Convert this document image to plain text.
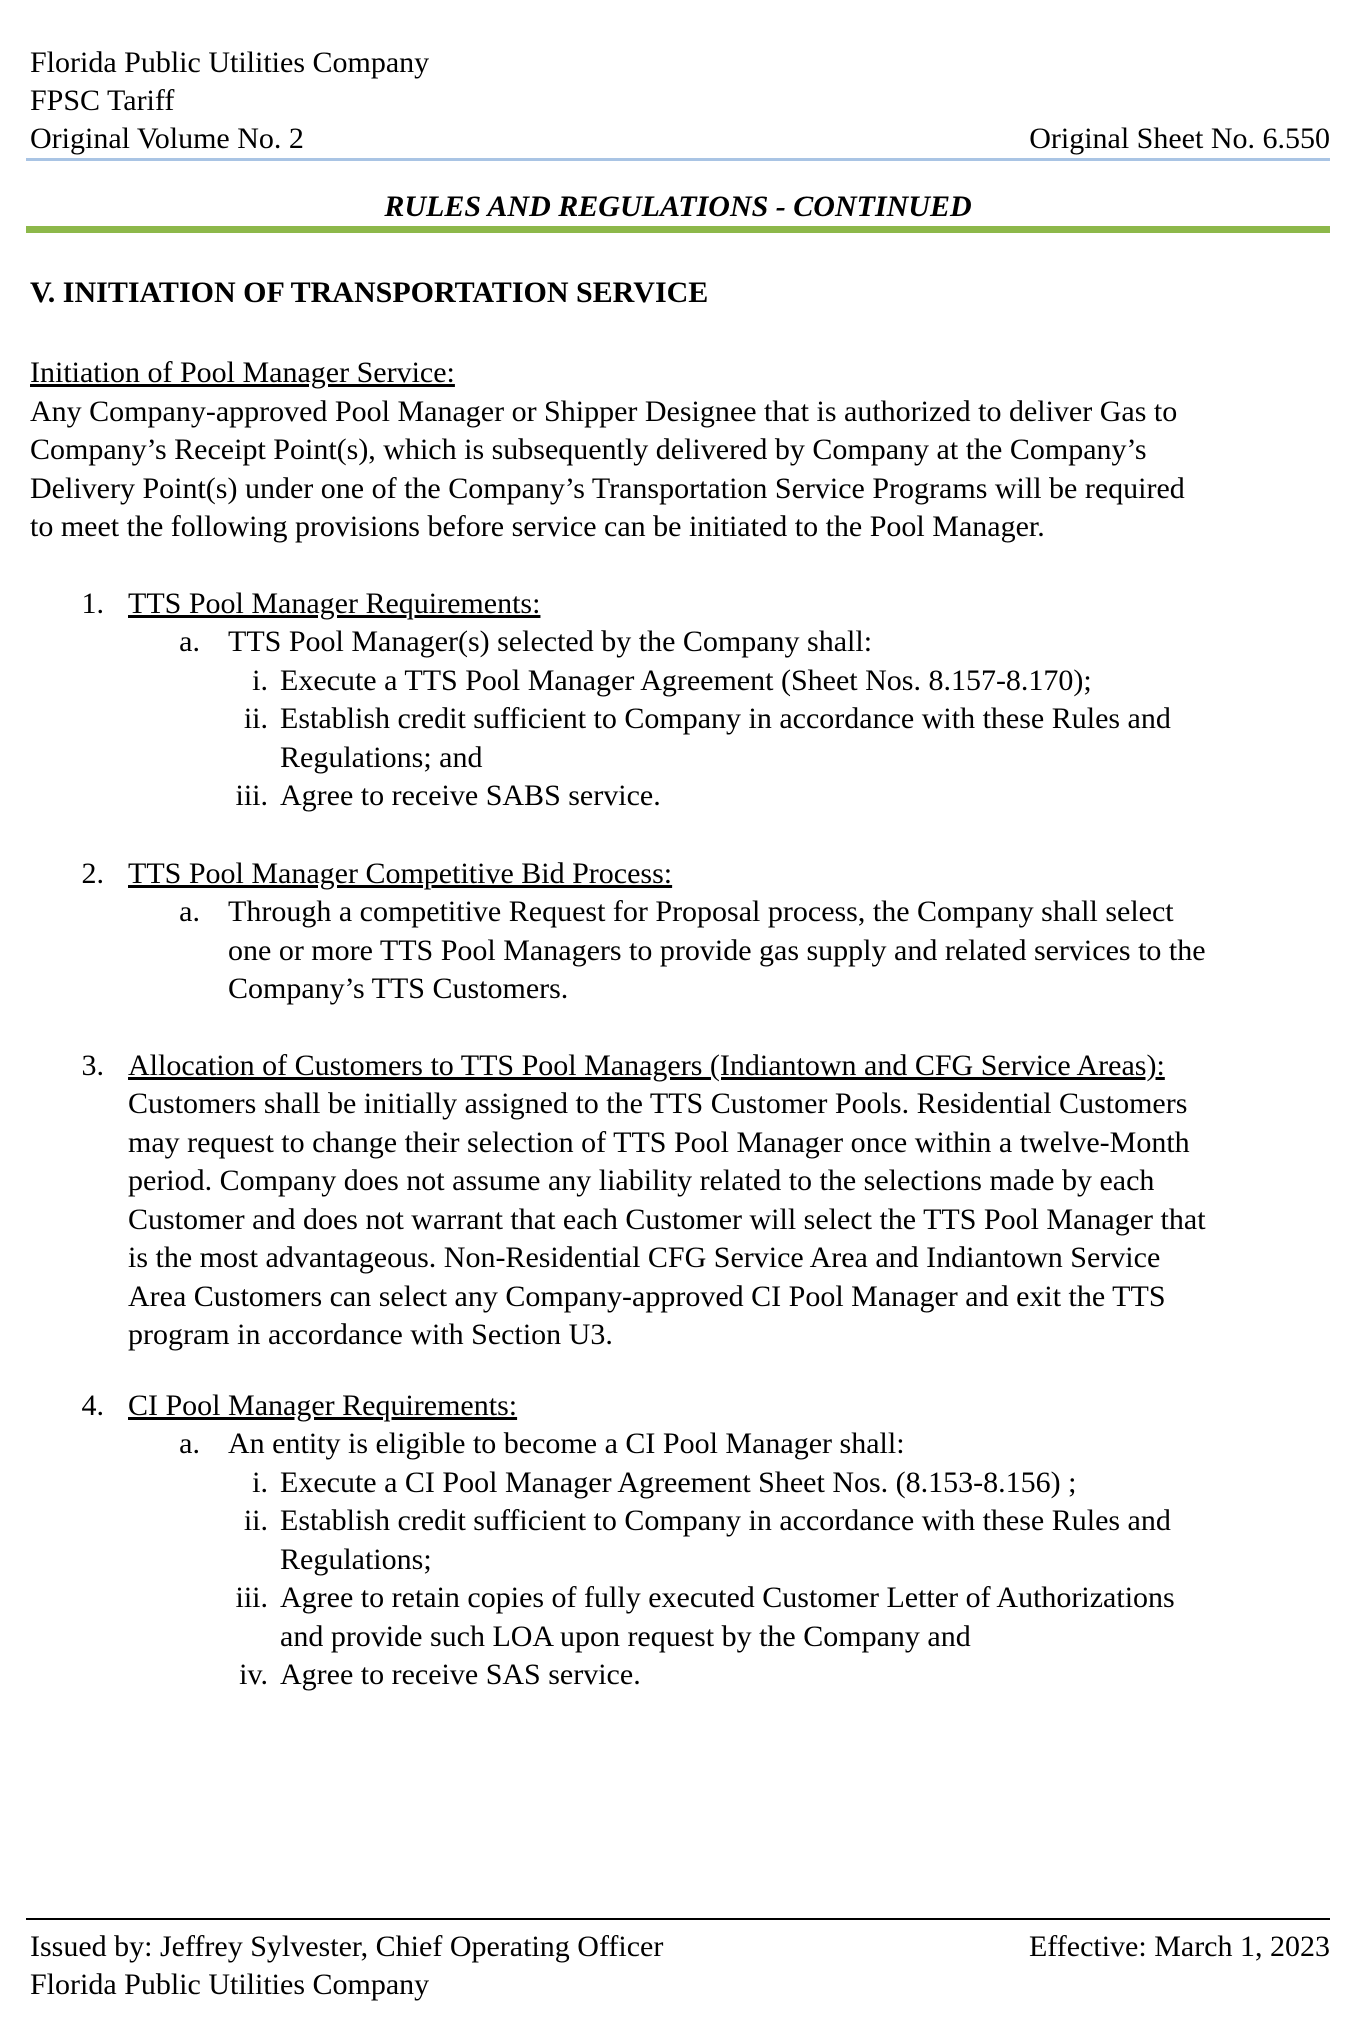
Florida Public Utilities Company
FPSC Tariff
Original Volume No. 2	Original Sheet No. 6.550
RULES AND REGULATIONS - CONTINUED
V. INITIATION OF TRANSPORTATION SERVICE
Initiation of Pool Manager Service:
Any Company-approved Pool Manager or Shipper Designee that is authorized to deliver Gas to
Company’s Receipt Point(s), which is subsequently delivered by Company at the Company’s
Delivery Point(s) under one of the Company’s Transportation Service Programs will be required
to meet the following provisions before service can be initiated to the Pool Manager.
1. TTS Pool Manager Requirements:
a. TTS Pool Manager(s) selected by the Company shall:
i. Execute a TTS Pool Manager Agreement (Sheet Nos. 8.157-8.170);
ii. Establish credit sufficient to Company in accordance with these Rules and
Regulations; and
iii. Agree to receive SABS service.
2. TTS Pool Manager Competitive Bid Process:
a. Through a competitive Request for Proposal process, the Company shall select
one or more TTS Pool Managers to provide gas supply and related services to the
Company’s TTS Customers.
3. Allocation of Customers to TTS Pool Managers (Indiantown and CFG Service Areas):
Customers shall be initially assigned to the TTS Customer Pools. Residential Customers
may request to change their selection of TTS Pool Manager once within a twelve-Month
period. Company does not assume any liability related to the selections made by each
Customer and does not warrant that each Customer will select the TTS Pool Manager that
is the most advantageous. Non-Residential CFG Service Area and Indiantown Service
Area Customers can select any Company-approved CI Pool Manager and exit the TTS
program in accordance with Section U3.
4. CI Pool Manager Requirements:
a. An entity is eligible to become a CI Pool Manager shall:
i. Execute a CI Pool Manager Agreement Sheet Nos. (8.153-8.156) ;
ii. Establish credit sufficient to Company in accordance with these Rules and
Regulations;
iii. Agree to retain copies of fully executed Customer Letter of Authorizations
and provide such LOA upon request by the Company and
iv. Agree to receive SAS service.
Issued by: Jeffrey Sylvester, Chief Operating Officer	Effective: March 1, 2023
Florida Public Utilities Company
